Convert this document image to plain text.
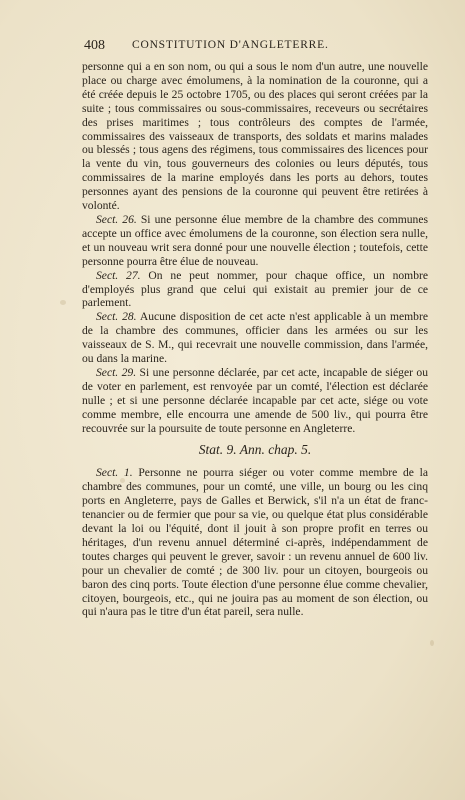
408 CONSTITUTION D'ANGLETERRE.

personne qui a en son nom, ou qui a sous le nom d'un autre, une nouvelle place ou charge avec émolumens, à la nomination de la couronne, qui a été créée depuis le 25 octobre 1705, ou des places qui seront créées par la suite ; tous commissaires ou sous-commissaires, receveurs ou secrétaires des prises maritimes ; tous contrôleurs des comptes de l'armée, commissaires des vaisseaux de transports, des soldats et marins malades ou blessés ; tous agens des régimens, tous commissaires des licences pour la vente du vin, tous gouverneurs des colonies ou leurs députés, tous commissaires de la marine employés dans les ports au dehors, toutes personnes ayant des pensions de la couronne qui peuvent être retirées à volonté.

Sect. 26. Si une personne élue membre de la chambre des communes accepte un office avec émolumens de la couronne, son élection sera nulle, et un nouveau writ sera donné pour une nouvelle élection ; toutefois, cette personne pourra être élue de nouveau.

Sect. 27. On ne peut nommer, pour chaque office, un nombre d'employés plus grand que celui qui existait au premier jour de ce parlement.

Sect. 28. Aucune disposition de cet acte n'est applicable à un membre de la chambre des communes, officier dans les armées ou sur les vaisseaux de S. M., qui recevrait une nouvelle commission, dans l'armée, ou dans la marine.

Sect. 29. Si une personne déclarée, par cet acte, incapable de siéger ou de voter en parlement, est renvoyée par un comté, l'élection est déclarée nulle ; et si une personne déclarée incapable par cet acte, siége ou vote comme membre, elle encourra une amende de 500 liv., qui pourra être recouvrée sur la poursuite de toute personne en Angleterre.

Stat. 9. Ann. chap. 5.

Sect. 1. Personne ne pourra siéger ou voter comme membre de la chambre des communes, pour un comté, une ville, un bourg ou les cinq ports en Angleterre, pays de Galles et Berwick, s'il n'a un état de franc-tenancier ou de fermier que pour sa vie, ou quelque état plus considérable devant la loi ou l'équité, dont il jouit à son propre profit en terres ou héritages, d'un revenu annuel déterminé ci-après, indépendamment de toutes charges qui peuvent le grever, savoir : un revenu annuel de 600 liv. pour un chevalier de comté ; de 300 liv. pour un citoyen, bourgeois ou baron des cinq ports. Toute élection d'une personne élue comme chevalier, citoyen, bourgeois, etc., qui ne jouira pas au moment de son élection, ou qui n'aura pas le titre d'un état pareil, sera nulle.
